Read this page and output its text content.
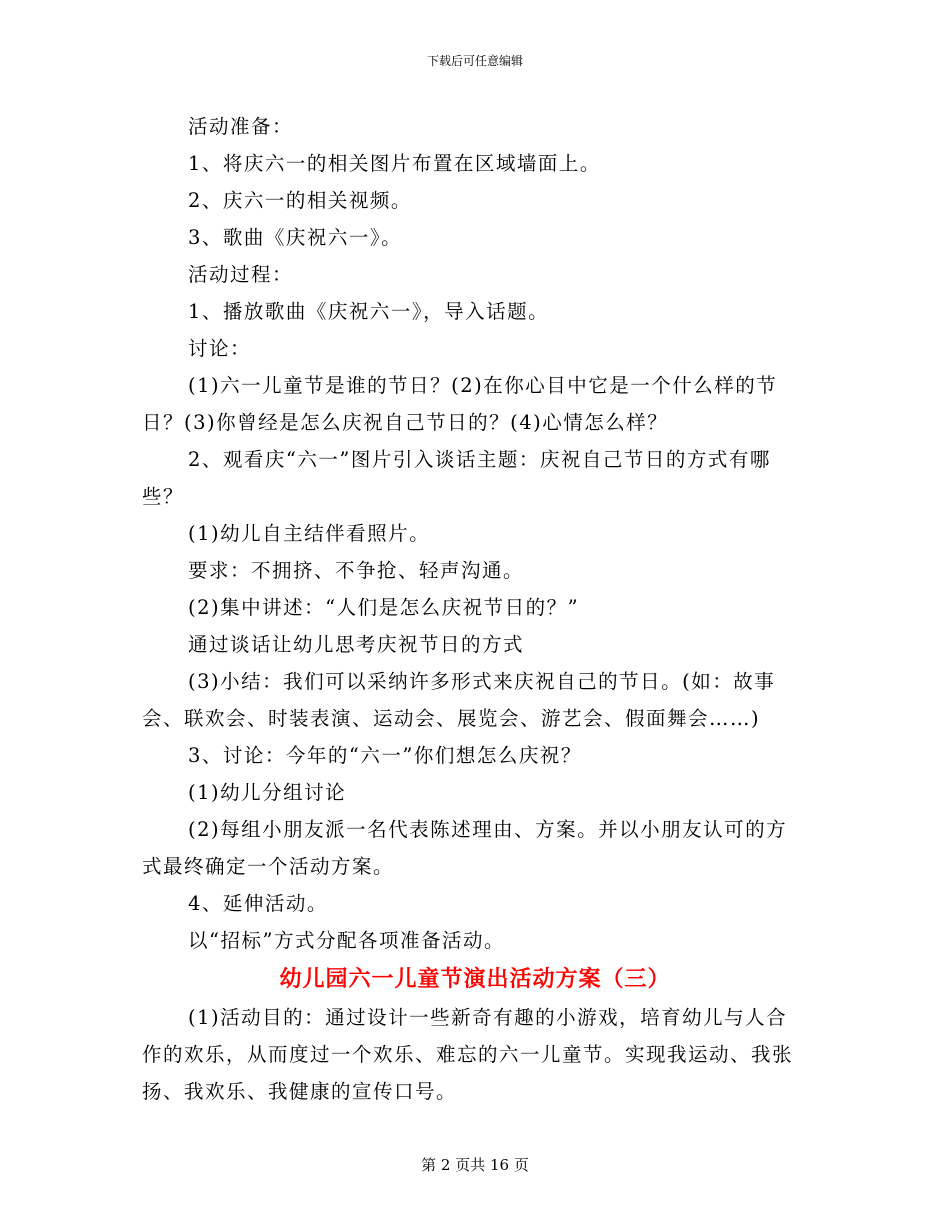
下载后可任意编辑

活动准备：

1、将庆六一的相关图片布置在区域墙面上。

2、庆六一的相关视频。

3、歌曲《庆祝六一》。

活动过程：

1、播放歌曲《庆祝六一》，导入话题。

讨论：

(1)六一儿童节是谁的节日？(2)在你心目中它是一个什么样的节日？(3)你曾经是怎么庆祝自己节日的？(4)心情怎么样？

2、观看庆“六一”图片引入谈话主题：庆祝自己节日的方式有哪些？

(1)幼儿自主结伴看照片。

要求：不拥挤、不争抢、轻声沟通。

(2)集中讲述：“人们是怎么庆祝节日的？”

通过谈话让幼儿思考庆祝节日的方式

(3)小结：我们可以采纳许多形式来庆祝自己的节日。(如：故事会、联欢会、时装表演、运动会、展览会、游艺会、假面舞会……)

3、讨论：今年的“六一”你们想怎么庆祝？

(1)幼儿分组讨论

(2)每组小朋友派一名代表陈述理由、方案。并以小朋友认可的方式最终确定一个活动方案。

4、延伸活动。

以“招标”方式分配各项准备活动。

幼儿园六一儿童节演出活动方案（三）

(1)活动目的：通过设计一些新奇有趣的小游戏，培育幼儿与人合作的欢乐，从而度过一个欢乐、难忘的六一儿童节。实现我运动、我张扬、我欢乐、我健康的宣传口号。

第 2 页共 16 页
